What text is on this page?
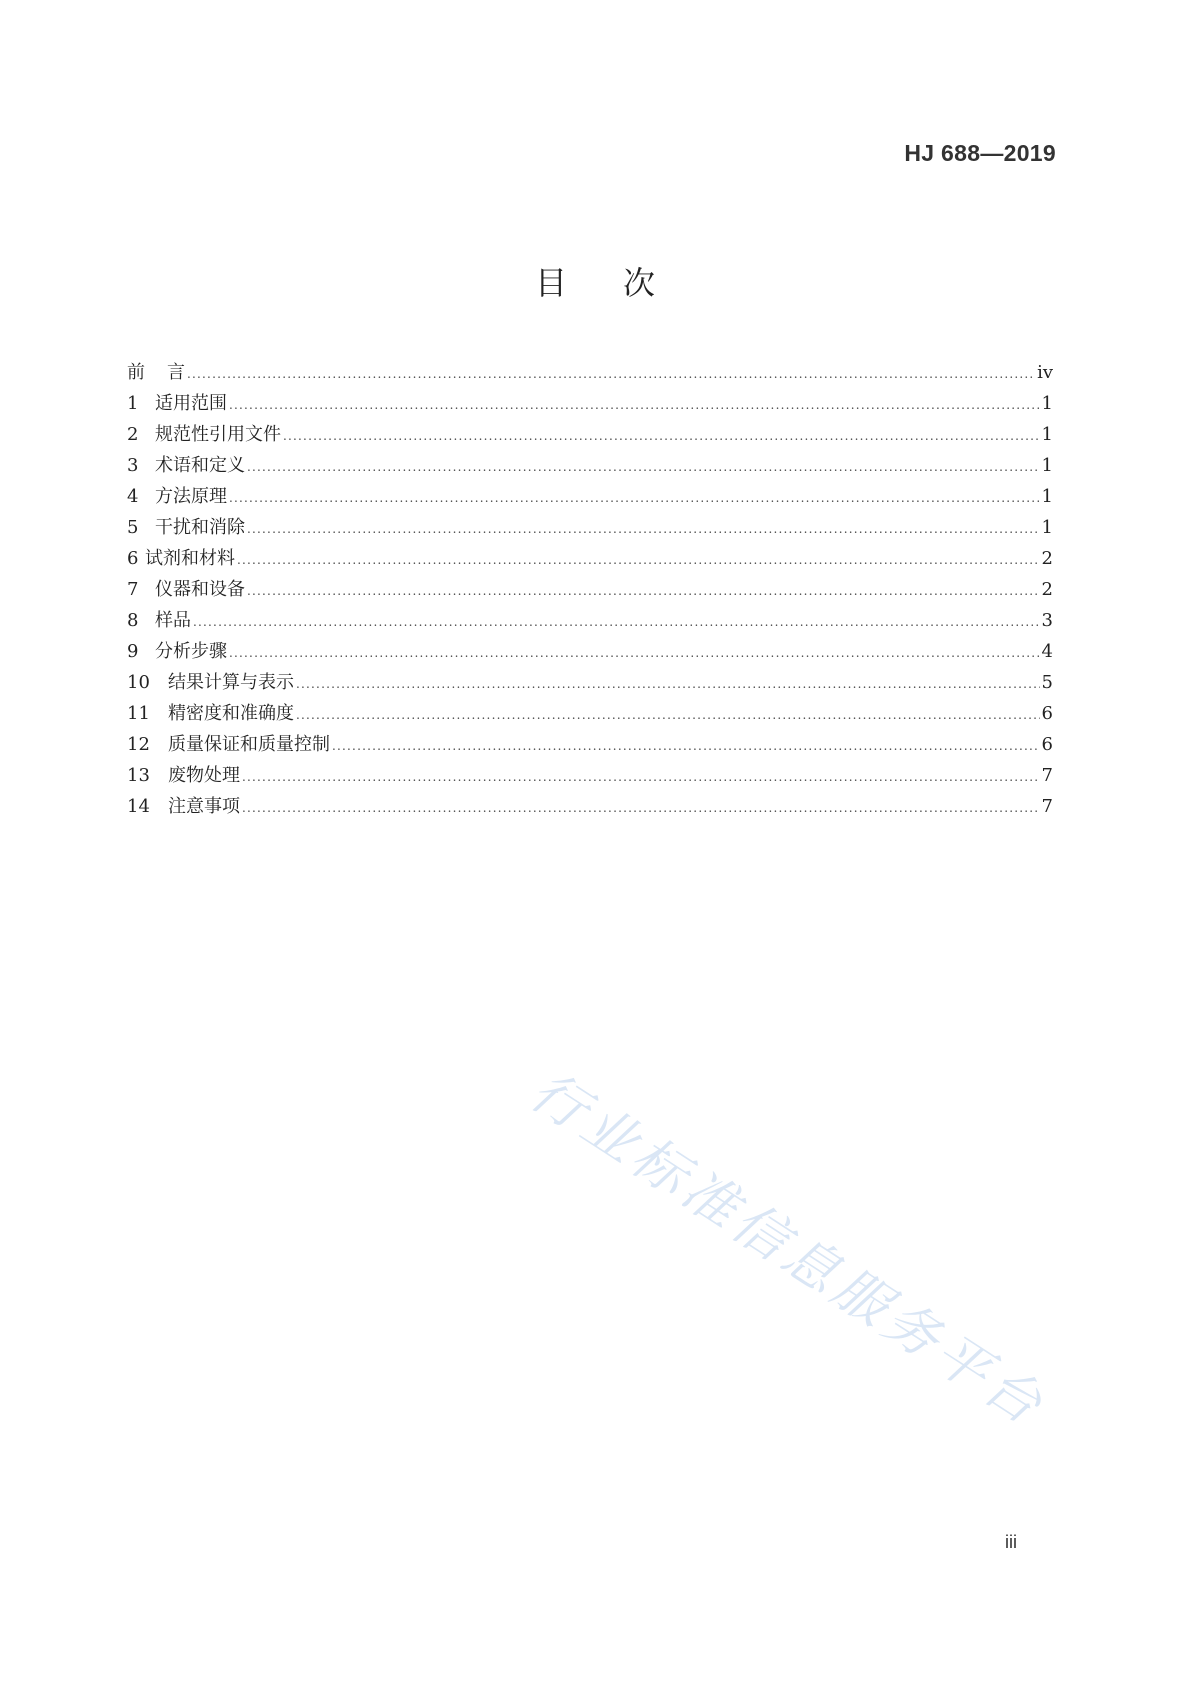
HJ 688—2019
目 次
前 言 .....	iv
1 适用范围 .....	1
2 规范性引用文件 .....	1
3 术语和定义 .....	1
4 方法原理 .....	1
5 干扰和消除 .....	1
6 试剂和材料 .....	2
7 仪器和设备 .....	2
8 样品 .....	3
9 分析步骤 .....	4
10	结果计算与表示 .....	5
11	精密度和准确度 .....	6
12	质量保证和质量控制 .....	6
13	废物处理 .....	7
14	注意事项 .....	7
行业标准信息服务平台
iii
